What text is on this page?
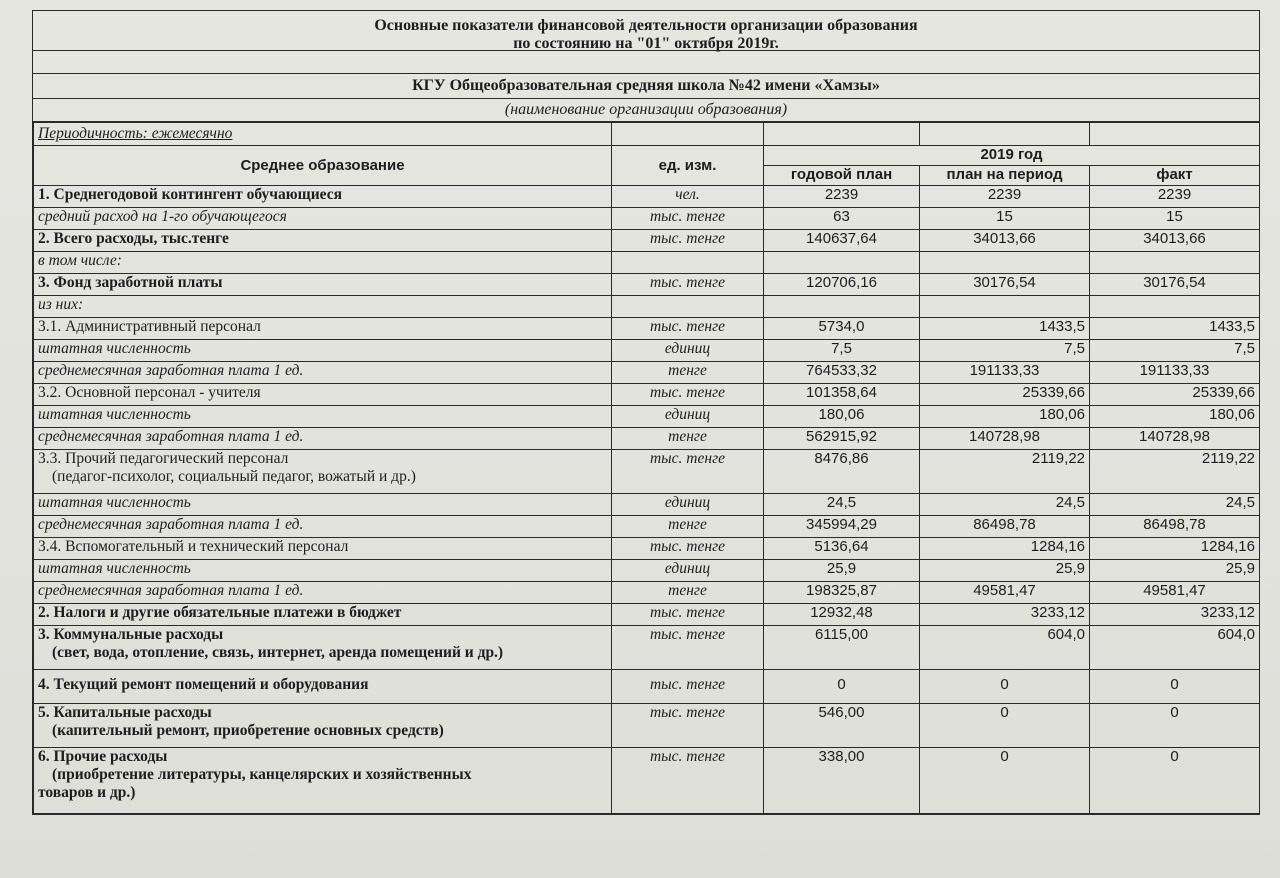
Основные показатели финансовой деятельности организации образования
по состоянию на "01" октября 2019г.
КГУ Общеобразовательная средняя школа №42 имени «Хамзы»
(наименование организации образования)
Периодичность: ежемесячно				
Среднее образование	ед. изм.	2019 год		
		годовой план	план на период	факт
1. Среднегодовой контингент обучающиеся	чел.	2239	2239	2239
средний расход на 1-го обучающегося	тыс. тенге	63	15	15
2. Всего расходы, тыс.тенге	тыс. тенге	140637,64	34013,66	34013,66
в том числе:				
3. Фонд заработной платы	тыс. тенге	120706,16	30176,54	30176,54
из них:				
3.1. Административный персонал	тыс. тенге	5734,0	1433,5	1433,5
штатная численность	единиц	7,5	7,5	7,5
среднемесячная заработная плата 1 ед.	тенге	764533,32	191133,33	191133,33
3.2. Основной персонал - учителя	тыс. тенге	101358,64	25339,66	25339,66
штатная численность	единиц	180,06	180,06	180,06
среднемесячная заработная плата 1 ед.	тенге	562915,92	140728,98	140728,98
3.3. Прочий педагогический персонал
(педагог-психолог, социальный педагог, вожатый и др.)	тыс. тенге	8476,86	2119,22	2119,22
штатная численность	единиц	24,5	24,5	24,5
среднемесячная заработная плата 1 ед.	тенге	345994,29	86498,78	86498,78
3.4. Вспомогательный и технический персонал	тыс. тенге	5136,64	1284,16	1284,16
штатная численность	единиц	25,9	25,9	25,9
среднемесячная заработная плата 1 ед.	тенге	198325,87	49581,47	49581,47
2. Налоги и другие обязательные платежи в бюджет	тыс. тенге	12932,48	3233,12	3233,12
3. Коммунальные расходы
(свет, вода, отопление, связь, интернет, аренда помещений и др.)	тыс. тенге	6115,00	604,0	604,0
4. Текущий ремонт помещений и оборудования	тыс. тенге	0	0	0
5. Капитальные расходы
(капительный ремонт, приобретение основных средств)	тыс. тенге	546,00	0	0
6. Прочие расходы
(приобретение литературы, канцелярских и хозяйственных
товаров и др.)	тыс. тенге	338,00	0	0
